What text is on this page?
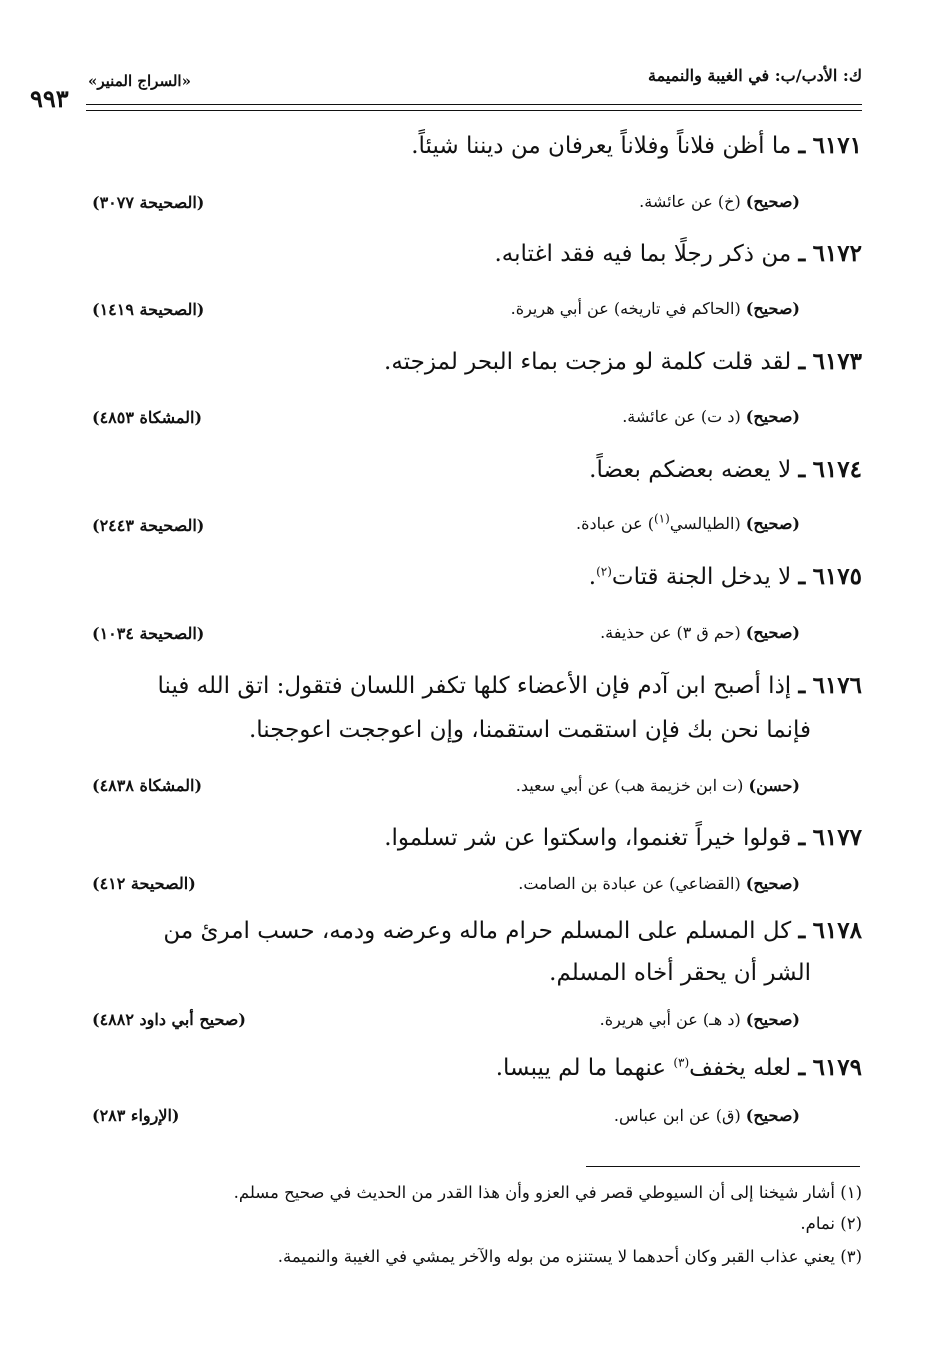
ك: الأدب/ب: في الغيبة والنميمة
«السراج المنير»
٩٩٣
٦١٧١ ـ ما أظن فلاناً وفلاناً يعرفان من ديننا شيئاً.
(صحيح) (خ) عن عائشة.
(الصحيحة ٣٠٧٧)
٦١٧٢ ـ من ذكر رجلًا بما فيه فقد اغتابه.
(صحيح) (الحاكم في تاريخه) عن أبي هريرة.
(الصحيحة ١٤١٩)
٦١٧٣ ـ لقد قلت كلمة لو مزجت بماء البحر لمزجته.
(صحيح) (د ت) عن عائشة.
(المشكاة ٤٨٥٣)
٦١٧٤ ـ لا يعضه بعضكم بعضاً.
(صحيح) (الطيالسي$^{(١)}$) عن عبادة.
(الصحيحة ٢٤٤٣)
٦١٧٥ ـ لا يدخل الجنة قتات$^{(٢)}$.
(صحيح) (حم ق ٣) عن حذيفة.
(الصحيحة ١٠٣٤)
٦١٧٦ ـ إذا أصبح ابن آدم فإن الأعضاء كلها تكفر اللسان فتقول: اتق الله فينا
فإنما نحن بك فإن استقمت استقمنا، وإن اعوججت اعوججنا.
(حسن) (ت ابن خزيمة هب) عن أبي سعيد.
(المشكاة ٤٨٣٨)
٦١٧٧ ـ قولوا خيراً تغنموا، واسكتوا عن شر تسلموا.
(صحيح) (القضاعي) عن عبادة بن الصامت.
(الصحيحة ٤١٢)
٦١٧٨ ـ كل المسلم على المسلم حرام ماله وعرضه ودمه، حسب امرئ من
الشر أن يحقر أخاه المسلم.
(صحيح) (د هـ) عن أبي هريرة.
(صحيح أبي داود ٤٨٨٢)
٦١٧٩ ـ لعله يخفف$^{(٣)}$ عنهما ما لم ييبسا.
(صحيح) (ق) عن ابن عباس.
(الإرواء ٢٨٣)
(١) أشار شيخنا إلى أن السيوطي قصر في العزو وأن هذا القدر من الحديث في صحيح مسلم.
(٢) نمام.
(٣) يعني عذاب القبر وكان أحدهما لا يستنزه من بوله والآخر يمشي في الغيبة والنميمة.
